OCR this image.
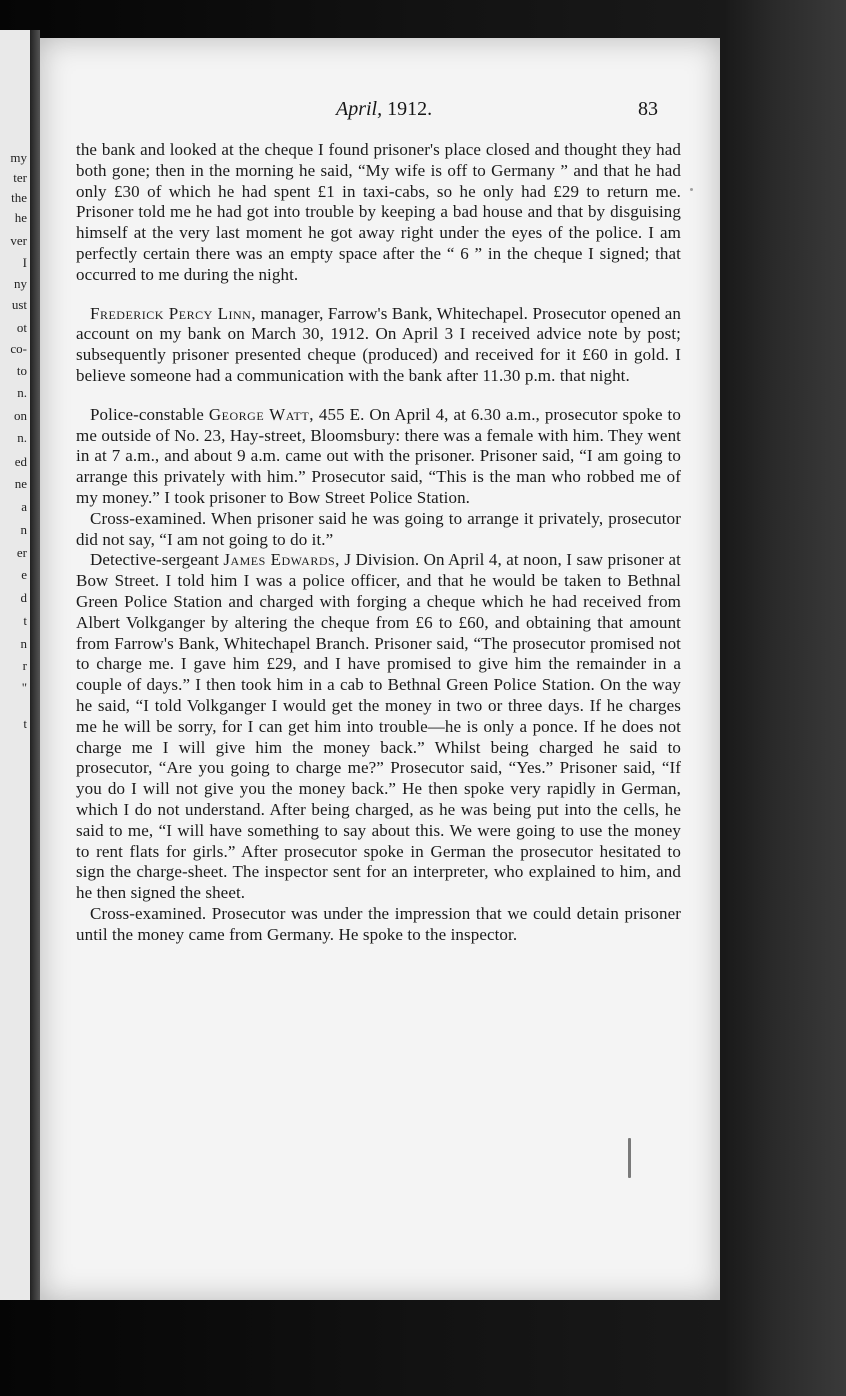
my
ter
the
he
ver
I
ny
ust
ot
co-
to
n.
on
n.
ed
ne
a
n
er
e
d
t
n
r
"
t
April, 1912.	83

the bank and looked at the cheque I found prisoner's place closed and thought they had both gone; then in the morning he said, “My wife is off to Germany ” and that he had only £30 of which he had spent £1 in taxi-cabs, so he only had £29 to return me. Prisoner told me he had got into trouble by keeping a bad house and that by disguising himself at the very last moment he got away right under the eyes of the police. I am perfectly certain there was an empty space after the “ 6 ” in the cheque I signed; that occurred to me during the night.

Frederick Percy Linn, manager, Farrow's Bank, Whitechapel. Prosecutor opened an account on my bank on March 30, 1912. On April 3 I received advice note by post; subsequently prisoner presented cheque (produced) and received for it £60 in gold. I believe someone had a communication with the bank after 11.30 p.m. that night.

Police-constable George Watt, 455 E. On April 4, at 6.30 a.m., prosecutor spoke to me outside of No. 23, Hay-street, Bloomsbury: there was a female with him. They went in at 7 a.m., and about 9 a.m. came out with the prisoner. Prisoner said, “I am going to arrange this privately with him.” Prosecutor said, “This is the man who robbed me of my money.” I took prisoner to Bow Street Police Station.

Cross-examined. When prisoner said he was going to arrange it privately, prosecutor did not say, “I am not going to do it.”

Detective-sergeant James Edwards, J Division. On April 4, at noon, I saw prisoner at Bow Street. I told him I was a police officer, and that he would be taken to Bethnal Green Police Station and charged with forging a cheque which he had received from Albert Volkganger by altering the cheque from £6 to £60, and obtaining that amount from Farrow's Bank, Whitechapel Branch. Prisoner said, “The prosecutor promised not to charge me. I gave him £29, and I have promised to give him the remainder in a couple of days.” I then took him in a cab to Bethnal Green Police Station. On the way he said, “I told Volkganger I would get the money in two or three days. If he charges me he will be sorry, for I can get him into trouble—he is only a ponce. If he does not charge me I will give him the money back.” Whilst being charged he said to prosecutor, “Are you going to charge me?” Prosecutor said, “Yes.” Prisoner said, “If you do I will not give you the money back.” He then spoke very rapidly in German, which I do not understand. After being charged, as he was being put into the cells, he said to me, “I will have something to say about this. We were going to use the money to rent flats for girls.” After prosecutor spoke in German the prosecutor hesitated to sign the charge-sheet. The inspector sent for an interpreter, who explained to him, and he then signed the sheet.

Cross-examined. Prosecutor was under the impression that we could detain prisoner until the money came from Germany. He spoke to the inspector.
